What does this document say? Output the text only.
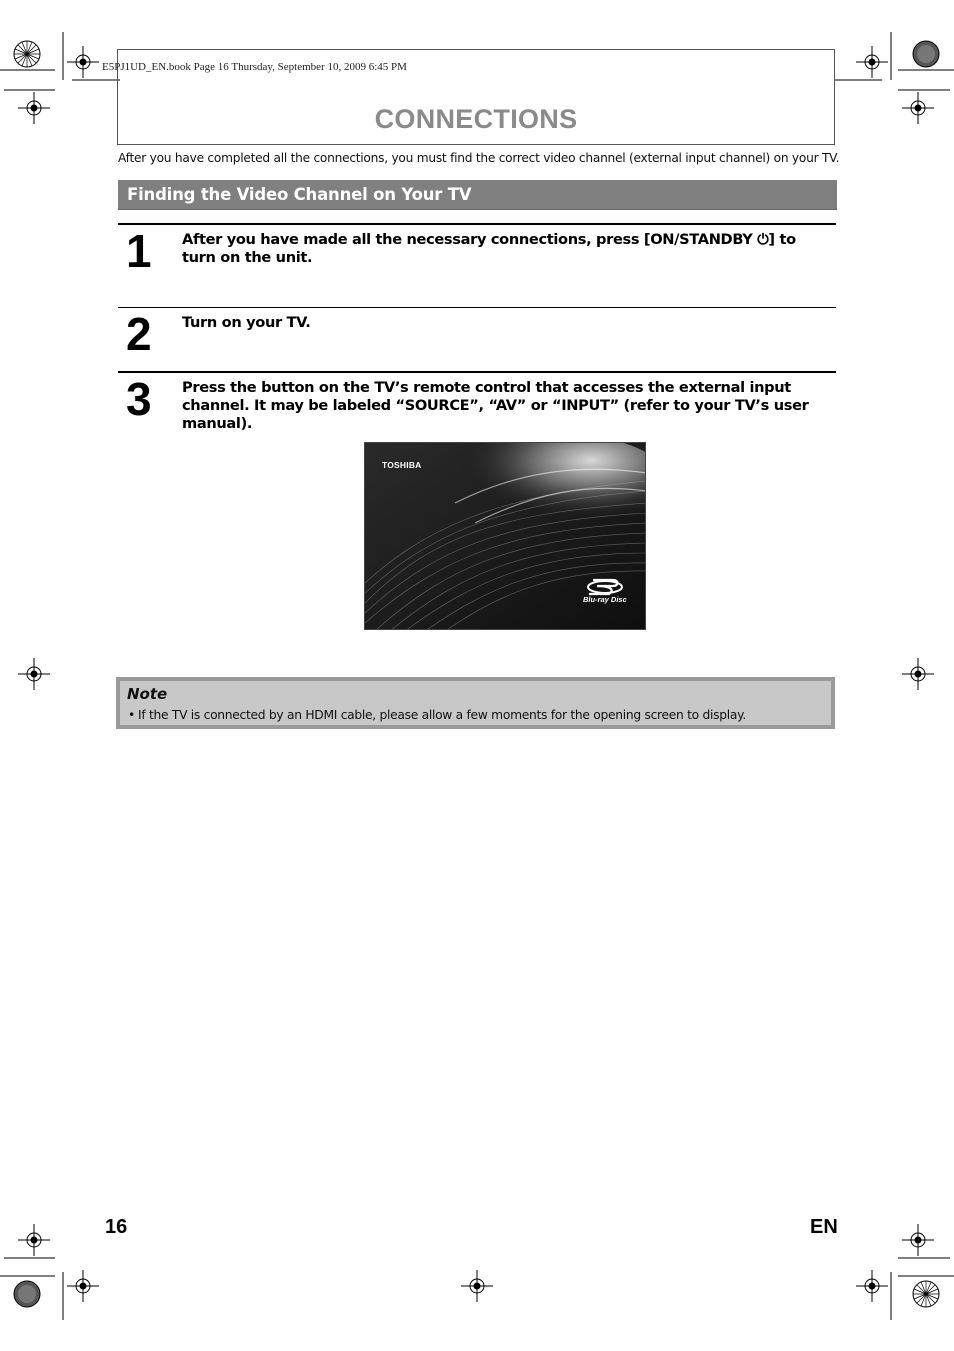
E5PJ1UD_EN.book Page 16 Thursday, September 10, 2009 6:45 PM
CONNECTIONS
After you have completed all the connections, you must find the correct video channel (external input channel) on your TV.
Finding the Video Channel on Your TV
1 After you have made all the necessary connections, press [ON/STANDBY ⏻] to turn on the unit.
2 Turn on your TV.
3 Press the button on the TV’s remote control that accesses the external input channel. It may be labeled “SOURCE”, “AV” or “INPUT” (refer to your TV’s user manual).
TOSHIBA
Blu-ray Disc
Note
• If the TV is connected by an HDMI cable, please allow a few moments for the opening screen to display.
16	EN
